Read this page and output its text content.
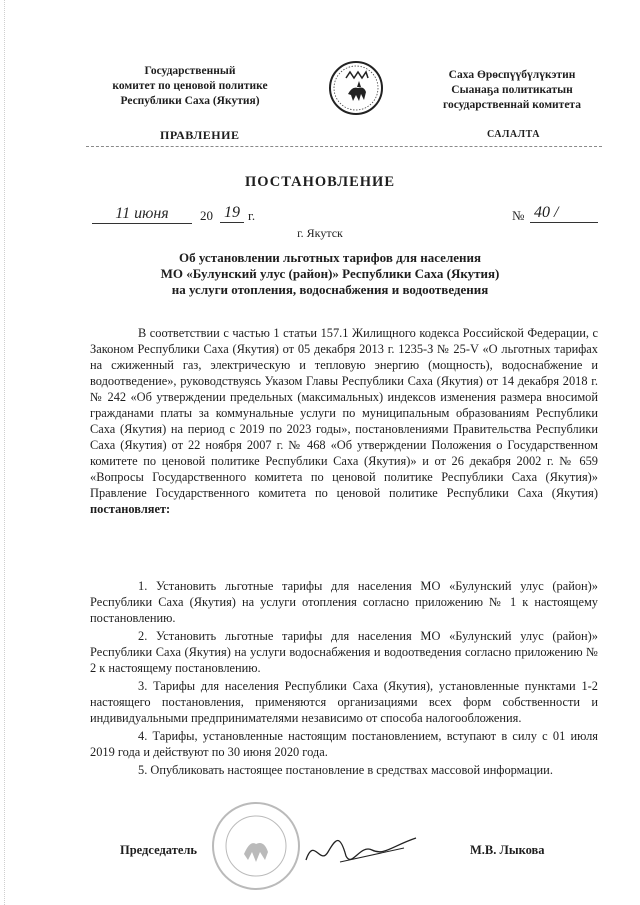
Государственный
комитет по ценовой политике
Республики Саха (Якутия)
Саха Өрөспүүбүлүкэтин
Сыанаҕа политикатын
государственнай комитета
ПРАВЛЕНИЕ	САЛАЛТА
ПОСТАНОВЛЕНИЕ
11 июня	20 19 г.	№ 40 /
г. Якутск
Об установлении льготных тарифов для населения
МО «Булунский улус (район)» Республики Саха (Якутия)
на услуги отопления, водоснабжения и водоотведения

В соответствии с частью 1 статьи 157.1 Жилищного кодекса Российской Федерации, с Законом Республики Саха (Якутия) от 05 декабря 2013 г. 1235-З № 25-V «О льготных тарифах на сжиженный газ, электрическую и тепловую энергию (мощность), водоснабжение и водоотведение», руководствуясь Указом Главы Республики Саха (Якутия) от 14 декабря 2018 г. № 242 «Об утверждении предельных (максимальных) индексов изменения размера вносимой гражданами платы за коммунальные услуги по муниципальным образованиям Республики Саха (Якутия) на период с 2019 по 2023 годы», постановлениями Правительства Республики Саха (Якутия) от 22 ноября 2007 г. № 468 «Об утверждении Положения о Государственном комитете по ценовой политике Республики Саха (Якутия)» и от 26 декабря 2002 г. № 659 «Вопросы Государственного комитета по ценовой политике Республики Саха (Якутия)» Правление Государственного комитета по ценовой политике Республики Саха (Якутия) постановляет:

1. Установить льготные тарифы для населения МО «Булунский улус (район)» Республики Саха (Якутия) на услуги отопления согласно приложению № 1 к настоящему постановлению.

2. Установить льготные тарифы для населения МО «Булунский улус (район)» Республики Саха (Якутия) на услуги водоснабжения и водоотведения согласно приложению № 2 к настоящему постановлению.

3. Тарифы для населения Республики Саха (Якутия), установленные пунктами 1-2 настоящего постановления, применяются организациями всех форм собственности и индивидуальными предпринимателями независимо от способа налогообложения.

4. Тарифы, установленные настоящим постановлением, вступают в силу с 01 июля 2019 года и действуют по 30 июня 2020 года.

5. Опубликовать настоящее постановление в средствах массовой информации.

Председатель	М.В. Лыкова
